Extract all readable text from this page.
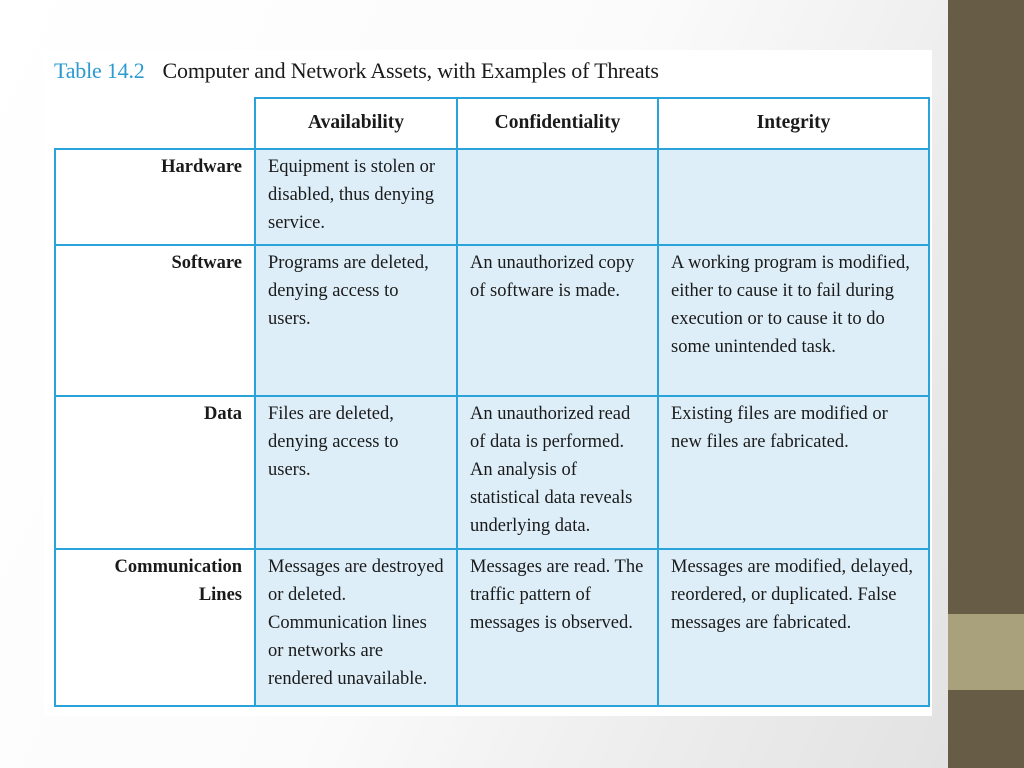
Table 14.2 Computer and Network Assets, with Examples of Threats
	Availability	Confidentiality	Integrity
Hardware	Equipment is stolen or disabled, thus denying service.		
Software	Programs are deleted, denying access to users.	An unauthorized copy of software is made.	A working program is modified, either to cause it to fail during execution or to cause it to do some unintended task.
Data	Files are deleted, denying access to users.	An unauthorized read of data is performed. An analysis of statistical data reveals underlying data.	Existing files are modified or new files are fabricated.
Communication Lines	Messages are destroyed or deleted. Communication lines or networks are rendered unavailable.	Messages are read. The traffic pattern of messages is observed.	Messages are modified, delayed, reordered, or duplicated. False messages are fabricated.
